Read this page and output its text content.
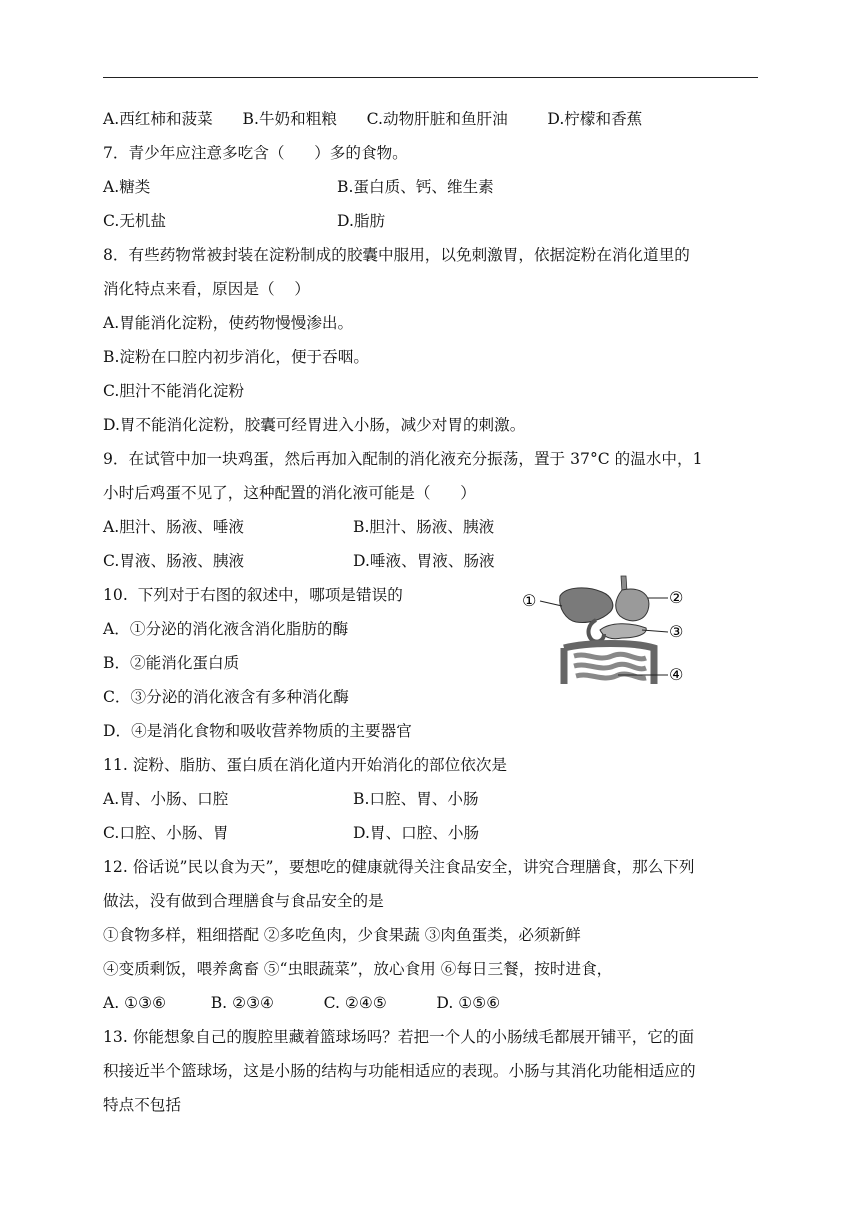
A.西红柿和菠菜      B.牛奶和粗粮      C.动物肝脏和鱼肝油        D.柠檬和香蕉
7．青少年应注意多吃含（      ）多的食物。
A.糖类	B.蛋白质、钙、维生素
C.无机盐	D.脂肪
8．有些药物常被封装在淀粉制成的胶囊中服用，以免刺激胃，依据淀粉在消化道里的
消化特点来看，原因是（    ）
A.胃能消化淀粉，使药物慢慢渗出。
B.淀粉在口腔内初步消化，便于吞咽。
C.胆汁不能消化淀粉
D.胃不能消化淀粉，胶囊可经胃进入小肠，减少对胃的刺激。
9．在试管中加一块鸡蛋，然后再加入配制的消化液充分振荡，置于 37°C 的温水中，1
小时后鸡蛋不见了，这种配置的消化液可能是（      ）
A.胆汁、肠液、唾液	B.胆汁、肠液、胰液
C.胃液、肠液、胰液	D.唾液、胃液、肠液
10.  下列对于右图的叙述中，哪项是错误的
A．①分泌的消化液含消化脂肪的酶
B．②能消化蛋白质
C．③分泌的消化液含有多种消化酶
D．④是消化食物和吸收营养物质的主要器官
①	②
③
④
11. 淀粉、脂肪、蛋白质在消化道内开始消化的部位依次是
A.胃、小肠、口腔	B.口腔、胃、小肠
C.口腔、小肠、胃	D.胃、口腔、小肠
12. 俗话说”民以食为天”，要想吃的健康就得关注食品安全，讲究合理膳食，那么下列
做法，没有做到合理膳食与食品安全的是
①食物多样，粗细搭配 ②多吃鱼肉，少食果蔬 ③肉鱼蛋类，必须新鲜
④变质剩饭，喂养禽畜 ⑤“虫眼蔬菜”，放心食用 ⑥每日三餐，按时进食，
A. ①③⑥         B. ②③④          C. ②④⑤          D. ①⑤⑥
13. 你能想象自己的腹腔里藏着篮球场吗？若把一个人的小肠绒毛都展开铺平，它的面
积接近半个篮球场，这是小肠的结构与功能相适应的表现。小肠与其消化功能相适应的
特点不包括
